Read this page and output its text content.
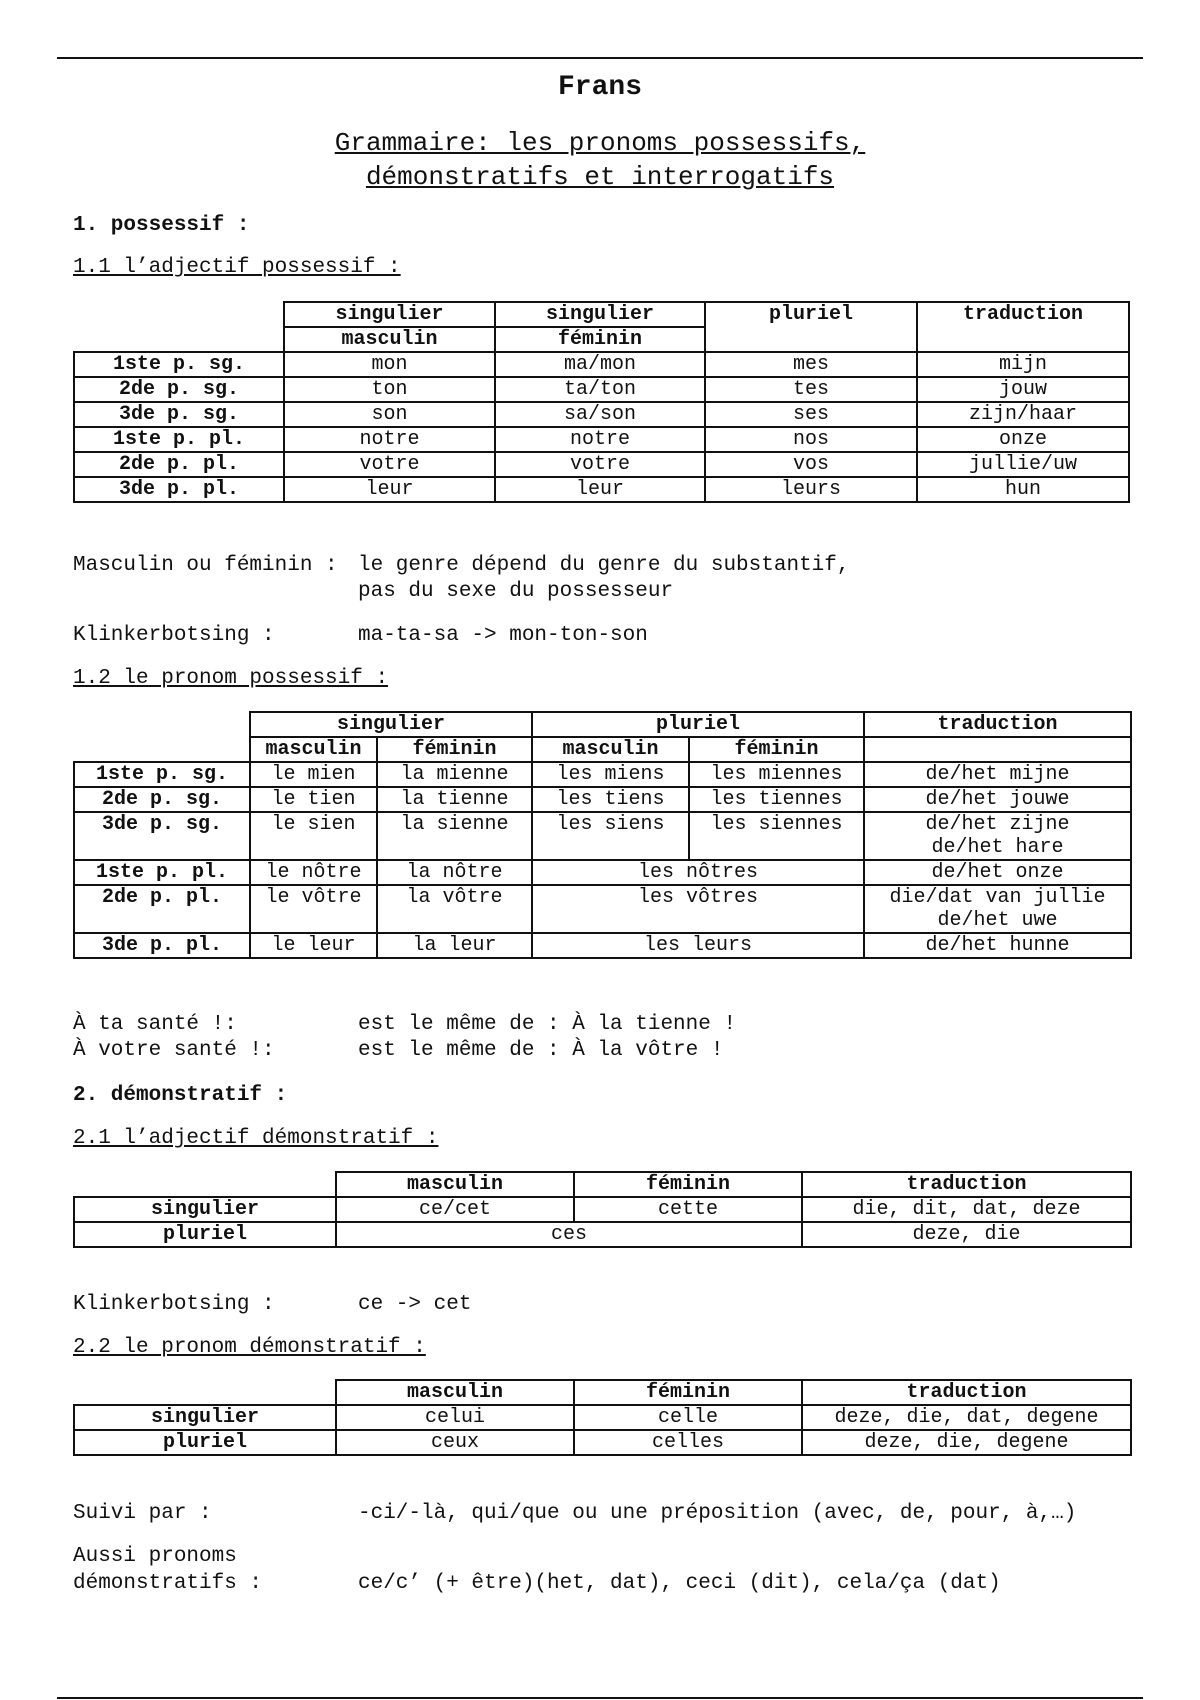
Frans
Grammaire: les pronoms possessifs,
démonstratifs et interrogatifs
1. possessif :
1.1 l’adjectif possessif :
	singulier	singulier	pluriel	traduction
	masculin	féminin		
1ste p. sg.	mon	ma/mon	mes	mijn
2de p. sg.	ton	ta/ton	tes	jouw
3de p. sg.	son	sa/son	ses	zijn/haar
1ste p. pl.	notre	notre	nos	onze
2de p. pl.	votre	votre	vos	jullie/uw
3de p. pl.	leur	leur	leurs	hun
Masculin ou féminin : le genre dépend du genre du substantif,
pas du sexe du possesseur
Klinkerbotsing :	ma-ta-sa -> mon-ton-son
1.2 le pronom possessif :
	singulier		pluriel		traduction
	masculin	féminin	masculin	féminin	
1ste p. sg.	le mien	la mienne	les miens	les miennes	de/het mijne
2de p. sg.	le tien	la tienne	les tiens	les tiennes	de/het jouwe
3de p. sg.	le sien	la sienne	les siens	les siennes	de/het zijne
de/het hare

1ste p. pl.	le nôtre	la nôtre	les nôtres		de/het onze
2de p. pl.	le vôtre	la vôtre	les vôtres		die/dat van jullie
de/het uwe

3de p. pl.	le leur	la leur	les leurs		de/het hunne
À ta santé !:	est le même de : À la tienne !
À votre santé !:	est le même de : À la vôtre !
2. démonstratif :
2.1 l’adjectif démonstratif :
	masculin	féminin	traduction
singulier	ce/cet	cette	die, dit, dat, deze
pluriel	ces		deze, die
Klinkerbotsing :	ce -> cet
2.2 le pronom démonstratif :
	masculin	féminin	traduction
singulier	celui	celle	deze, die, dat, degene
pluriel	ceux	celles	deze, die, degene
Suivi par :	-ci/-là, qui/que ou une préposition (avec, de, pour, à,…)
Aussi pronoms
démonstratifs :	ce/c’ (+ être)(het, dat), ceci (dit), cela/ça (dat)
